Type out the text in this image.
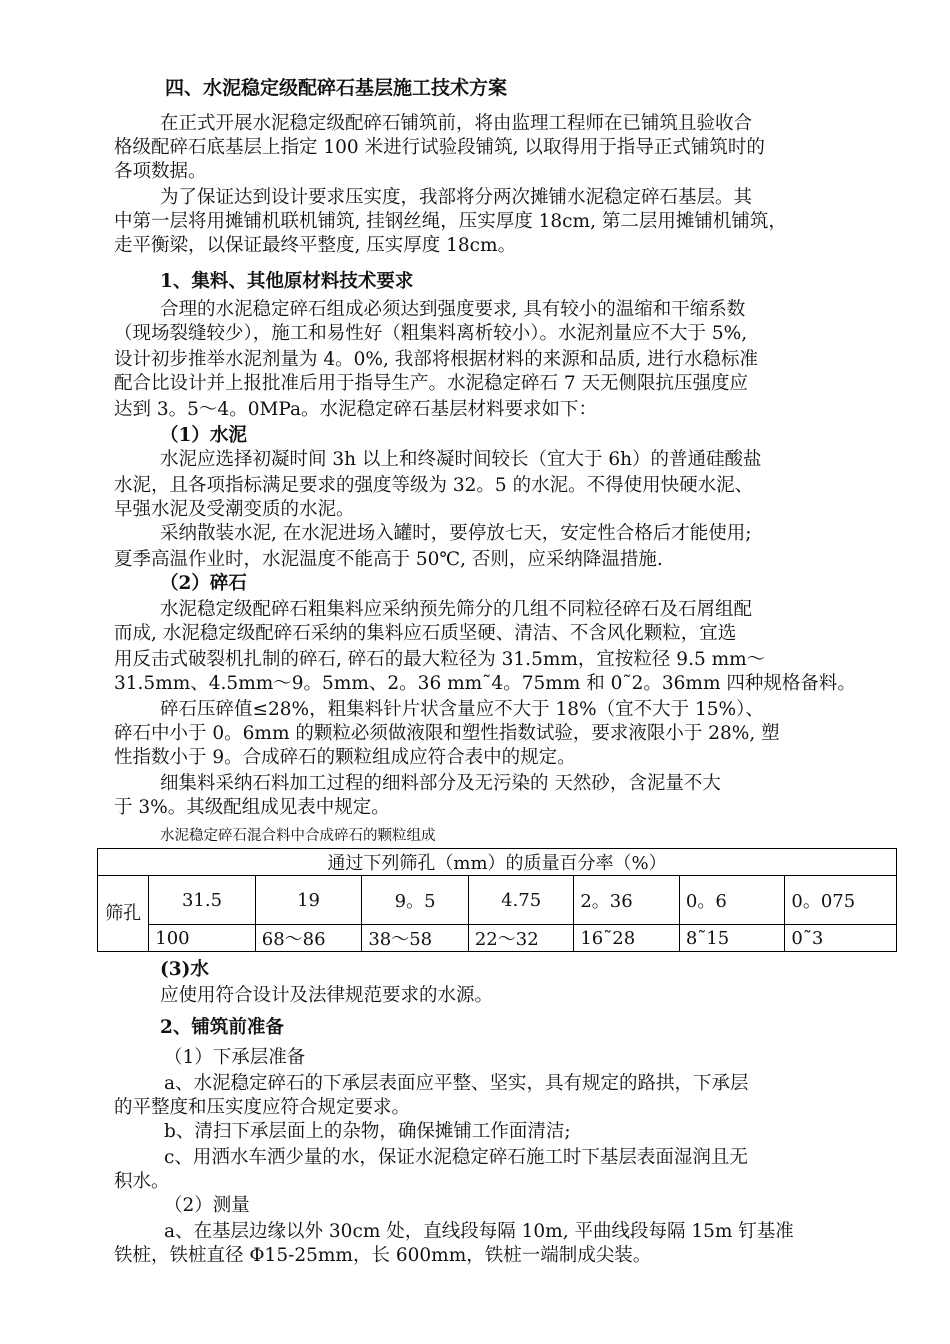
四、水泥稳定级配碎石基层施工技术方案
在正式开展水泥稳定级配碎石铺筑前，将由监理工程师在已铺筑且验收合
格级配碎石底基层上指定 100 米进行试验段铺筑, 以取得用于指导正式铺筑时的
各项数据。
为了保证达到设计要求压实度，我部将分两次摊铺水泥稳定碎石基层。其
中第一层将用摊铺机联机铺筑, 挂钢丝绳，压实厚度 18cm, 第二层用摊铺机铺筑，
走平衡梁，以保证最终平整度, 压实厚度 18cm。
1、集料、其他原材料技术要求
合理的水泥稳定碎石组成必须达到强度要求, 具有较小的温缩和干缩系数
（现场裂缝较少），施工和易性好（粗集料离析较小）。水泥剂量应不大于 5%,
设计初步推举水泥剂量为 4。0%, 我部将根据材料的来源和品质, 进行水稳标准
配合比设计并上报批准后用于指导生产。水泥稳定碎石 7 天无侧限抗压强度应
达到 3。5～4。0MPa。水泥稳定碎石基层材料要求如下：
（1）水泥
水泥应选择初凝时间 3h 以上和终凝时间较长（宜大于 6h）的普通硅酸盐
水泥，且各项指标满足要求的强度等级为 32。5 的水泥。不得使用快硬水泥、
早强水泥及受潮变质的水泥。
采纳散装水泥, 在水泥进场入罐时，要停放七天，安定性合格后才能使用;
夏季高温作业时，水泥温度不能高于 50℃, 否则，应采纳降温措施.
（2）碎石
水泥稳定级配碎石粗集料应采纳预先筛分的几组不同粒径碎石及石屑组配
而成, 水泥稳定级配碎石采纳的集料应石质坚硬、清洁、不含风化颗粒，宜选
用反击式破裂机扎制的碎石, 碎石的最大粒径为 31.5mm，宜按粒径 9.5 mm～
31.5mm、4.5mm～9。5mm、2。36 mm˜4。75mm 和 0˜2。36mm 四种规格备料。
碎石压碎值≤28%，粗集料针片状含量应不大于 18%（宜不大于 15%）、
碎石中小于 0。6mm 的颗粒必须做液限和塑性指数试验，要求液限小于 28%, 塑
性指数小于 9。合成碎石的颗粒组成应符合表中的规定。
细集料采纳石料加工过程的细料部分及无污染的 天然砂，含泥量不大
于 3%。其级配组成见表中规定。
水泥稳定碎石混合料中合成碎石的颗粒组成
通过下列筛孔（mm）的质量百分率（%）							
筛孔	31.5	19	9。5	4.75	2。36	0。6	0。075
	100	68～86	38～58	22～32	16˜28	8˜15	0˜3
(3)水
应使用符合设计及法律规范要求的水源。
2、铺筑前准备
（1）下承层准备
a、水泥稳定碎石的下承层表面应平整、坚实，具有规定的路拱，下承层
的平整度和压实度应符合规定要求。
b、清扫下承层面上的杂物，确保摊铺工作面清洁;
c、用洒水车洒少量的水，保证水泥稳定碎石施工时下基层表面湿润且无
积水。
（2）测量
a、在基层边缘以外 30cm 处，直线段每隔 10m, 平曲线段每隔 15m 钉基准
铁桩，铁桩直径 Φ15-25mm，长 600mm，铁桩一端制成尖装。
